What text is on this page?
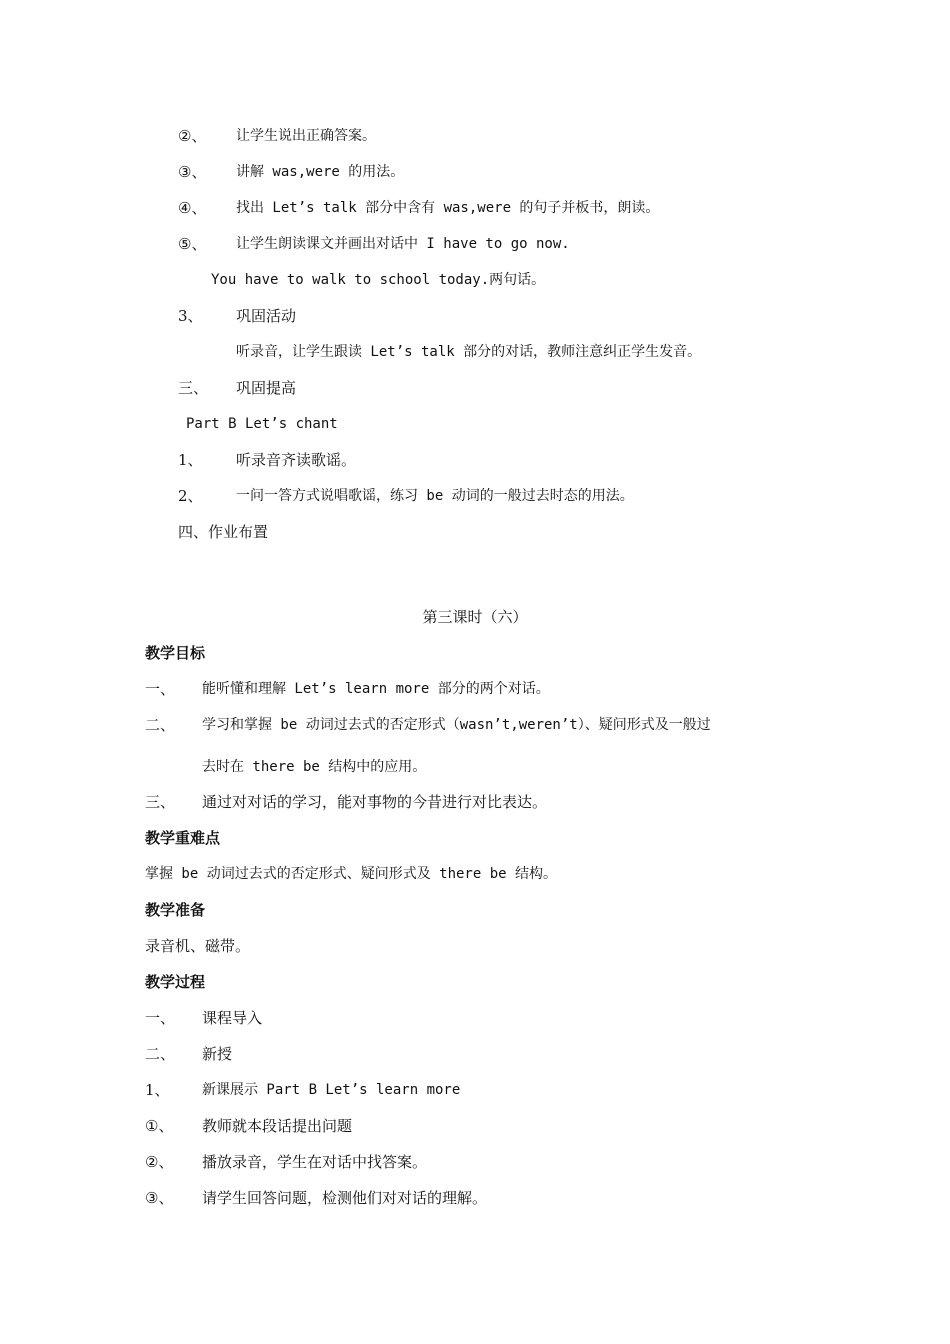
②、 让学生说出正确答案。
③、 讲解 was,were 的用法。
④、 找出 Let’s talk 部分中含有 was,were 的句子并板书，朗读。
⑤、 让学生朗读课文并画出对话中 I have to go now.
You have to walk to school today.两句话。
3、 巩固活动
听录音，让学生跟读 Let’s talk 部分的对话，教师注意纠正学生发音。
三、 巩固提高
Part B Let’s chant
1、 听录音齐读歌谣。
2、 一问一答方式说唱歌谣，练习 be 动词的一般过去时态的用法。
四、作业布置
第三课时（六）
教学目标
一、 能听懂和理解 Let’s learn more 部分的两个对话。
二、 学习和掌握 be 动词过去式的否定形式（wasn’t,weren’t）、疑问形式及一般过
去时在 there be 结构中的应用。
三、 通过对对话的学习，能对事物的今昔进行对比表达。
教学重难点
掌握 be 动词过去式的否定形式、疑问形式及 there be 结构。
教学准备
录音机、磁带。
教学过程
一、 课程导入
二、 新授
1、 新课展示 Part B Let’s learn more
①、 教师就本段话提出问题
②、 播放录音，学生在对话中找答案。
③、 请学生回答问题，检测他们对对话的理解。
